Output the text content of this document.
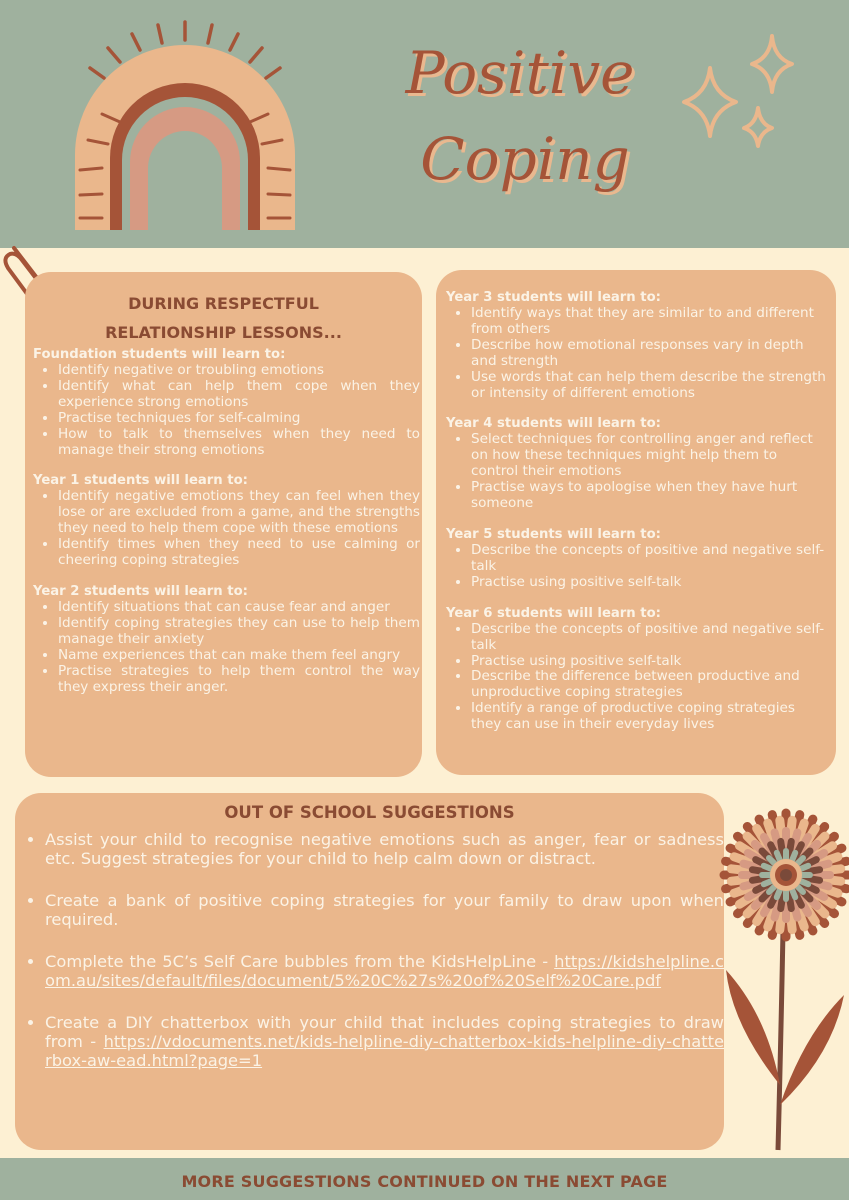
Positive
Coping
DURING RESPECTFUL
RELATIONSHIP LESSONS...

Foundation students will learn to:

• Identify negative or troubling emotions
• Identify what can help them cope when they experience strong emotions
• Practise techniques for self-calming
• How to talk to themselves when they need to manage their strong emotions

Year 1 students will learn to:

• Identify negative emotions they can feel when they lose or are excluded from a game, and the strengths they need to help them cope with these emotions
• Identify times when they need to use calming or cheering coping strategies

Year 2 students will learn to:

• Identify situations that can cause fear and anger
• Identify coping strategies they can use to help them manage their anxiety
• Name experiences that can make them feel angry
• Practise strategies to help them control the way they express their anger.

Year 3 students will learn to:

• Identify ways that they are similar to and different from others
• Describe how emotional responses vary in depth and strength
• Use words that can help them describe the strength or intensity of different emotions

Year 4 students will learn to:

• Select techniques for controlling anger and reflect on how these techniques might help them to control their emotions
• Practise ways to apologise when they have hurt someone

Year 5 students will learn to:

• Describe the concepts of positive and negative self-talk
• Practise using positive self-talk

Year 6 students will learn to:

• Describe the concepts of positive and negative self-talk
• Practise using positive self-talk
• Describe the difference between productive and unproductive coping strategies
• Identify a range of productive coping strategies they can use in their everyday lives
OUT OF SCHOOL SUGGESTIONS
• Assist your child to recognise negative emotions such as anger, fear or sadness etc. Suggest strategies for your child to help calm down or distract.
• Create a bank of positive coping strategies for your family to draw upon when required.
• Complete the 5C’s Self Care bubbles from the KidsHelpLine - https://kidshelpline.com.au/sites/default/files/document/5%20C%27s%20of%20Self%20Care.pdf
• Create a DIY chatterbox with your child that includes coping strategies to draw from - https://vdocuments.net/kids-helpline-diy-chatterbox-kids-helpline-diy-chatterbox-aw-ead.html?page=1
MORE SUGGESTIONS CONTINUED ON THE NEXT PAGE
